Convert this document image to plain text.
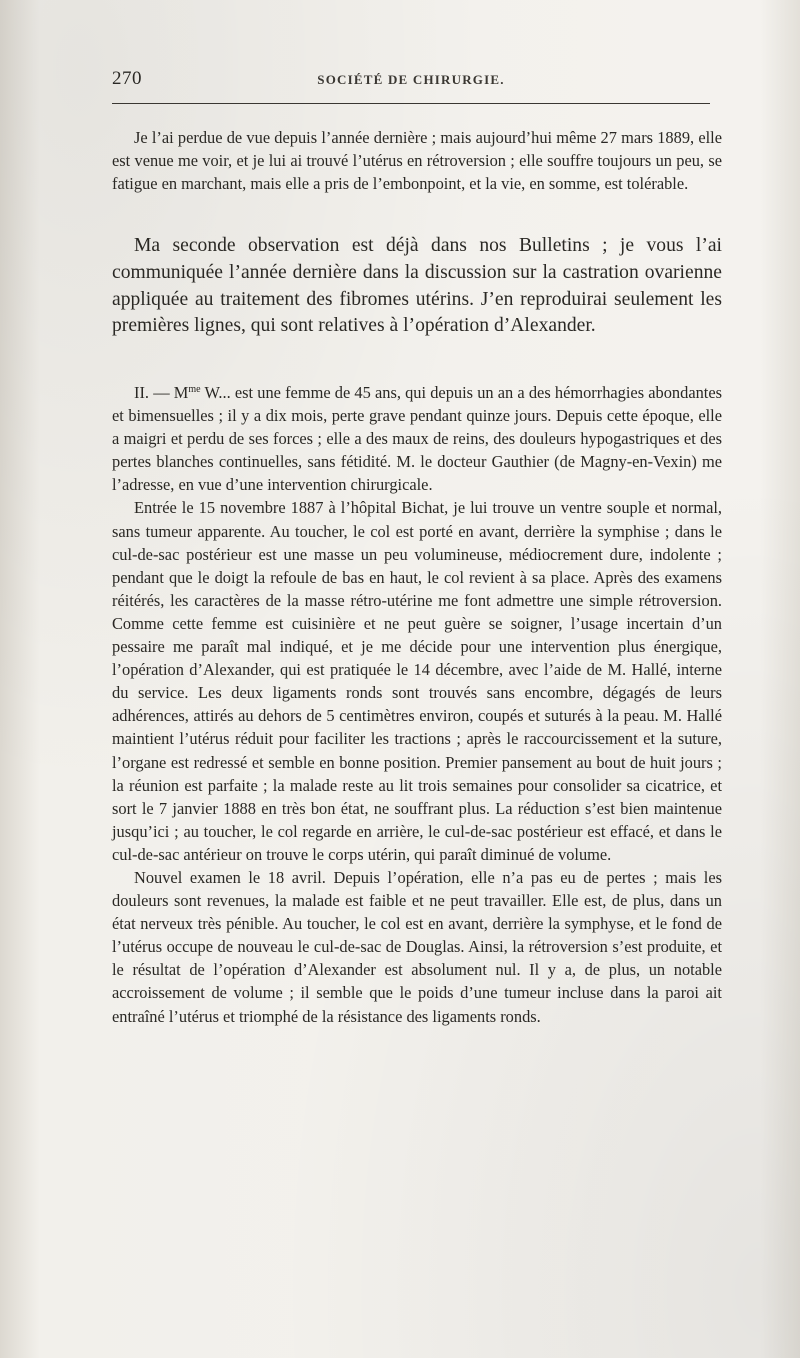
270	SOCIÉTÉ DE CHIRURGIE.

Je l’ai perdue de vue depuis l’année dernière ; mais aujourd’hui même 27 mars 1889, elle est venue me voir, et je lui ai trouvé l’utérus en rétroversion ; elle souffre toujours un peu, se fatigue en marchant, mais elle a pris de l’embonpoint, et la vie, en somme, est tolérable.

Ma seconde observation est déjà dans nos Bulletins ; je vous l’ai communiquée l’année dernière dans la discussion sur la castration ovarienne appliquée au traitement des fibromes utérins. J’en reproduirai seulement les premières lignes, qui sont relatives à l’opération d’Alexander.

II. — $M^{me}$ W... est une femme de 45 ans, qui depuis un an a des hémorrhagies abondantes et bimensuelles ; il y a dix mois, perte grave pendant quinze jours. Depuis cette époque, elle a maigri et perdu de ses forces ; elle a des maux de reins, des douleurs hypogastriques et des pertes blanches continuelles, sans fétidité. M. le docteur Gauthier (de Magny-en-Vexin) me l’adresse, en vue d’une intervention chirurgicale.

Entrée le 15 novembre 1887 à l’hôpital Bichat, je lui trouve un ventre souple et normal, sans tumeur apparente. Au toucher, le col est porté en avant, derrière la symphise ; dans le cul-de-sac postérieur est une masse un peu volumineuse, médiocrement dure, indolente ; pendant que le doigt la refoule de bas en haut, le col revient à sa place. Après des examens réitérés, les caractères de la masse rétro-utérine me font admettre une simple rétroversion. Comme cette femme est cuisinière et ne peut guère se soigner, l’usage incertain d’un pessaire me paraît mal indiqué, et je me décide pour une intervention plus énergique, l’opération d’Alexander, qui est pratiquée le 14 décembre, avec l’aide de M. Hallé, interne du service. Les deux ligaments ronds sont trouvés sans encombre, dégagés de leurs adhérences, attirés au dehors de 5 centimètres environ, coupés et suturés à la peau. M. Hallé maintient l’utérus réduit pour faciliter les tractions ; après le raccourcissement et la suture, l’organe est redressé et semble en bonne position. Premier pansement au bout de huit jours ; la réunion est parfaite ; la malade reste au lit trois semaines pour consolider sa cicatrice, et sort le 7 janvier 1888 en très bon état, ne souffrant plus. La réduction s’est bien maintenue jusqu’ici ; au toucher, le col regarde en arrière, le cul-de-sac postérieur est effacé, et dans le cul-de-sac antérieur on trouve le corps utérin, qui paraît diminué de volume.

Nouvel examen le 18 avril. Depuis l’opération, elle n’a pas eu de pertes ; mais les douleurs sont revenues, la malade est faible et ne peut travailler. Elle est, de plus, dans un état nerveux très pénible. Au toucher, le col est en avant, derrière la symphyse, et le fond de l’utérus occupe de nouveau le cul-de-sac de Douglas. Ainsi, la rétroversion s’est produite, et le résultat de l’opération d’Alexander est absolument nul. Il y a, de plus, un notable accroissement de volume ; il semble que le poids d’une tumeur incluse dans la paroi ait entraîné l’utérus et triomphé de la résistance des ligaments ronds.
